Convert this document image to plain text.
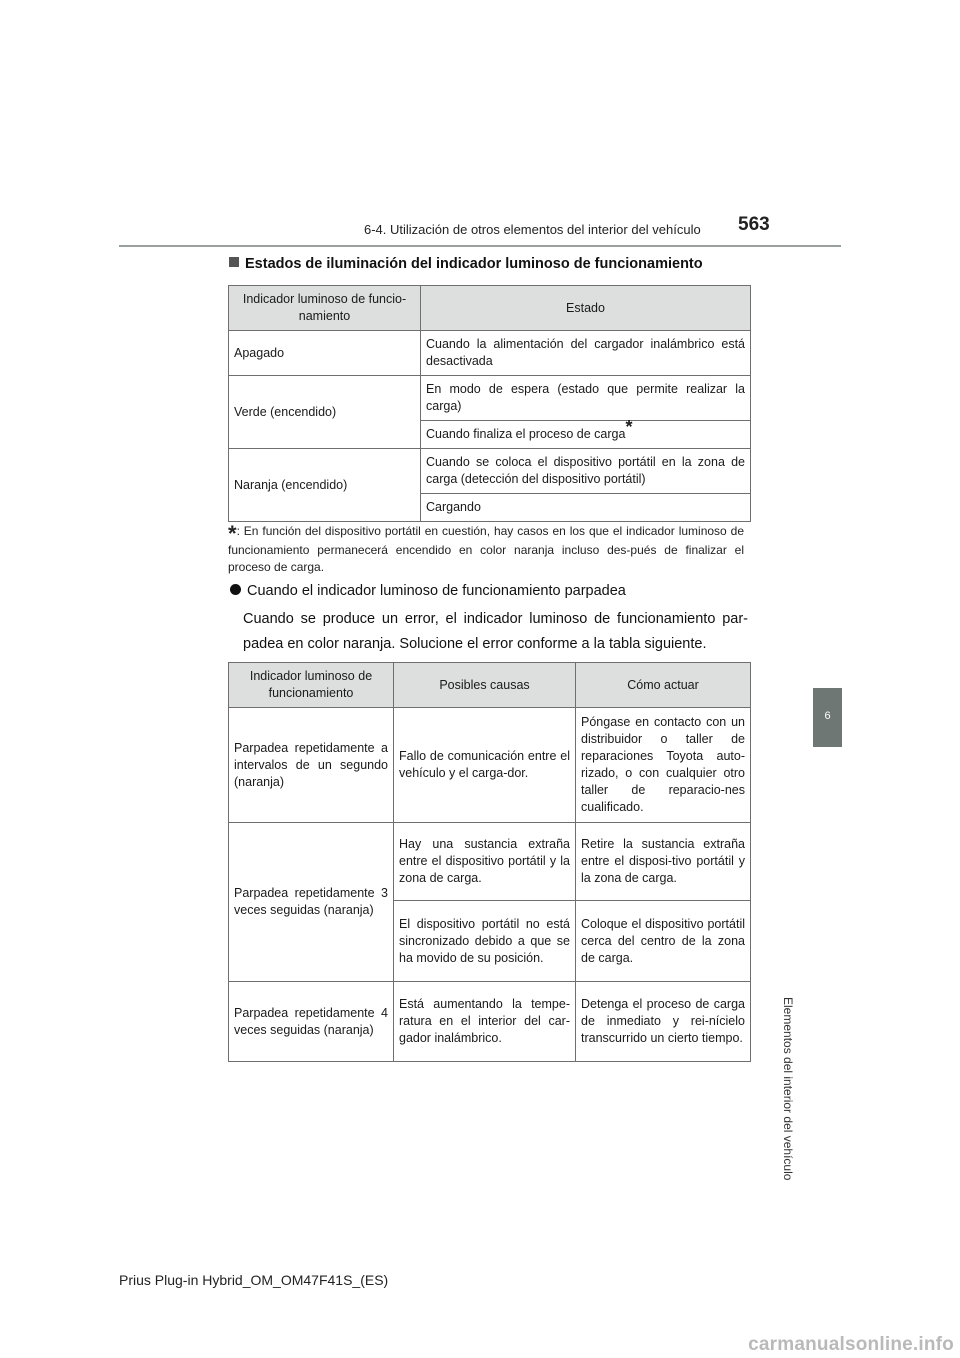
6-4. Utilización de otros elementos del interior del vehículo 563
6
Elementos del interior del vehículo
Estados de iluminación del indicador luminoso de funcionamiento
Indicador luminoso de funcio-namiento	Estado
Apagado	Cuando la alimentación del cargador inalámbrico está desactivada
Verde (encendido)	En modo de espera (estado que permite realizar la carga)
	Cuando finaliza el proceso de carga*
Naranja (encendido)	Cuando se coloca el dispositivo portátil en la zona de carga (detección del dispositivo portátil)
	Cargando
*: En función del dispositivo portátil en cuestión, hay casos en los que el indicador luminoso de funcionamiento permanecerá encendido en color naranja incluso des-pués de finalizar el proceso de carga.
Cuando el indicador luminoso de funcionamiento parpadea
Cuando se produce un error, el indicador luminoso de funcionamiento par-padea en color naranja. Solucione el error conforme a la tabla siguiente.
Indicador luminoso de funcionamiento	Posibles causas	Cómo actuar
Parpadea repetidamente a intervalos de un segundo (naranja)	Fallo de comunicación entre el vehículo y el carga-dor.	Póngase en contacto con un distribuidor o taller de reparaciones Toyota auto-rizado, o con cualquier otro taller de reparacio-nes cualificado.
Parpadea repetidamente 3 veces seguidas (naranja)	Hay una sustancia extraña entre el dispositivo portátil y la zona de carga.	Retire la sustancia extraña entre el disposi-tivo portátil y la zona de carga.
	El dispositivo portátil no está sincronizado debido a que se ha movido de su posición.	Coloque el dispositivo portátil cerca del centro de la zona de carga.
Parpadea repetidamente 4 veces seguidas (naranja)	Está aumentando la tempe-ratura en el interior del car-gador inalámbrico.	Detenga el proceso de carga de inmediato y rei-nícielo transcurrido un cierto tiempo.
Prius Plug-in Hybrid_OM_OM47F41S_(ES)
carmanualsonline.info
